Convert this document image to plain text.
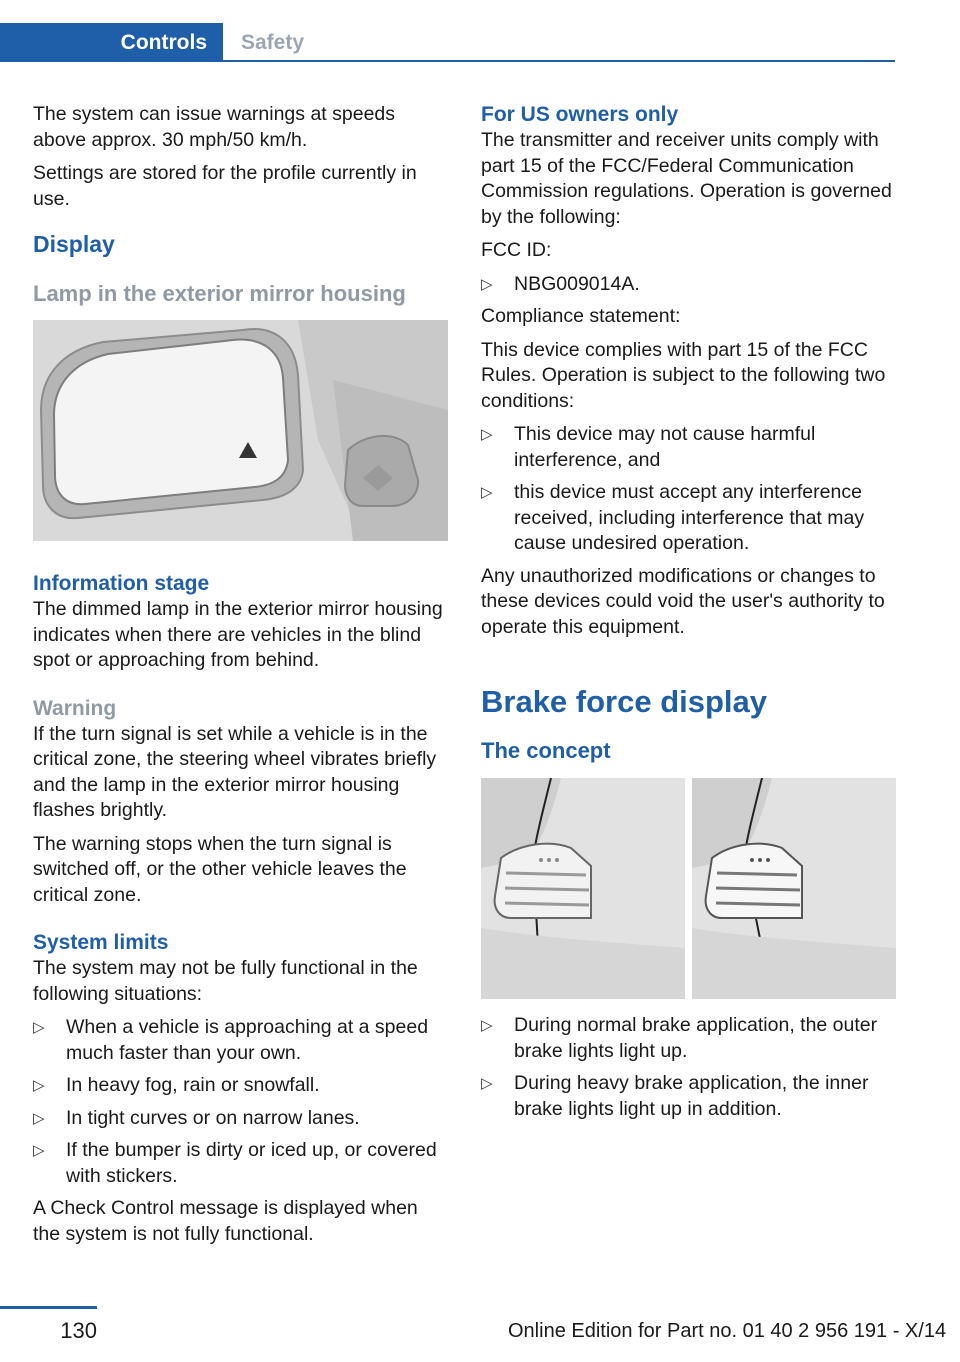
Controls	Safety

The system can issue warnings at speeds above approx. 30 mph/50 km/h.

Settings are stored for the profile currently in use.

Display
Lamp in the exterior mirror housing
Information stage

The dimmed lamp in the exterior mirror housing indicates when there are vehicles in the blind spot or approaching from behind.

Warning

If the turn signal is set while a vehicle is in the critical zone, the steering wheel vibrates briefly and the lamp in the exterior mirror housing flashes brightly.

The warning stops when the turn signal is switched off, or the other vehicle leaves the critical zone.

System limits

The system may not be fully functional in the following situations:

▷ When a vehicle is approaching at a speed much faster than your own.
▷ In heavy fog, rain or snowfall.
▷ In tight curves or on narrow lanes.
▷ If the bumper is dirty or iced up, or covered with stickers.

A Check Control message is displayed when the system is not fully functional.

For US owners only

The transmitter and receiver units comply with part 15 of the FCC/Federal Communication Commission regulations. Operation is governed by the following:

FCC ID:

▷ NBG009014A.

Compliance statement:

This device complies with part 15 of the FCC Rules. Operation is subject to the following two conditions:

▷ This device may not cause harmful interference, and
▷ this device must accept any interference received, including interference that may cause undesired operation.

Any unauthorized modifications or changes to these devices could void the user's authority to operate this equipment.

Brake force display
The concept
▷ During normal brake application, the outer brake lights light up.
▷ During heavy brake application, the inner brake lights light up in addition.
130	Online Edition for Part no. 01 40 2 956 191 - X/14
